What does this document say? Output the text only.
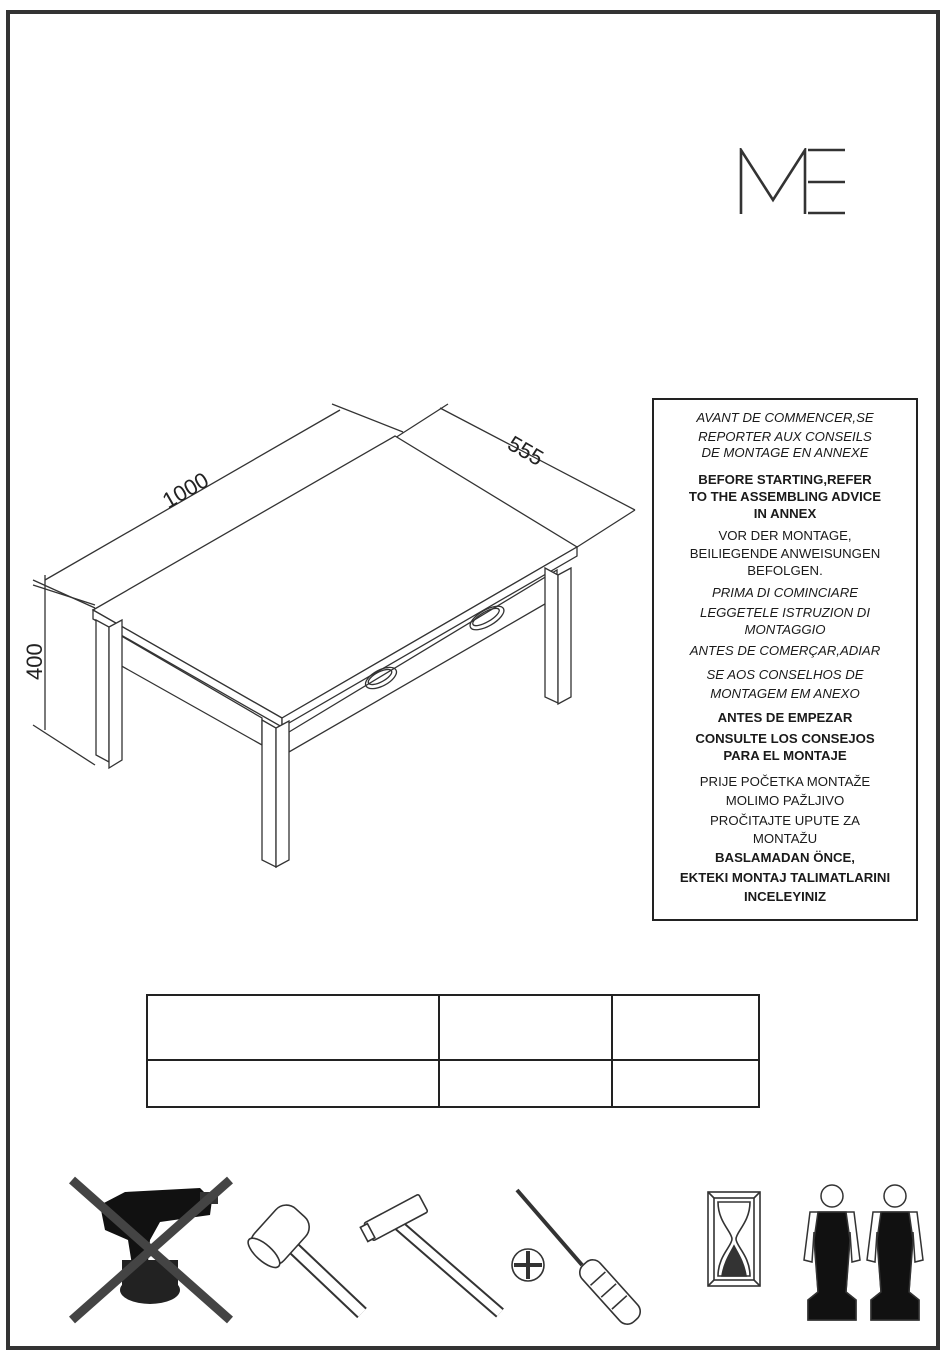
1000
555
400
AVANT DE COMMENCER,SE
REPORTER AUX CONSEILS
DE MONTAGE EN ANNEXE
BEFORE STARTING,REFER
TO THE ASSEMBLING ADVICE
IN ANNEX
VOR DER MONTAGE,
BEILIEGENDE ANWEISUNGEN
BEFOLGEN.
PRIMA DI COMINCIARE
LEGGETELE ISTRUZION DI
MONTAGGIO
ANTES DE COMERÇAR,ADIAR
SE AOS CONSELHOS DE
MONTAGEM EM ANEXO
ANTES DE EMPEZAR
CONSULTE LOS CONSEJOS
PARA EL MONTAJE
PRIJE POČETKA MONTAŽE
MOLIMO PAŽLJIVO
PROČITAJTE UPUTE ZA
MONTAŽU
BASLAMADAN ÖNCE,
EKTEKI MONTAJ TALIMATLARINI
INCELEYINIZ
